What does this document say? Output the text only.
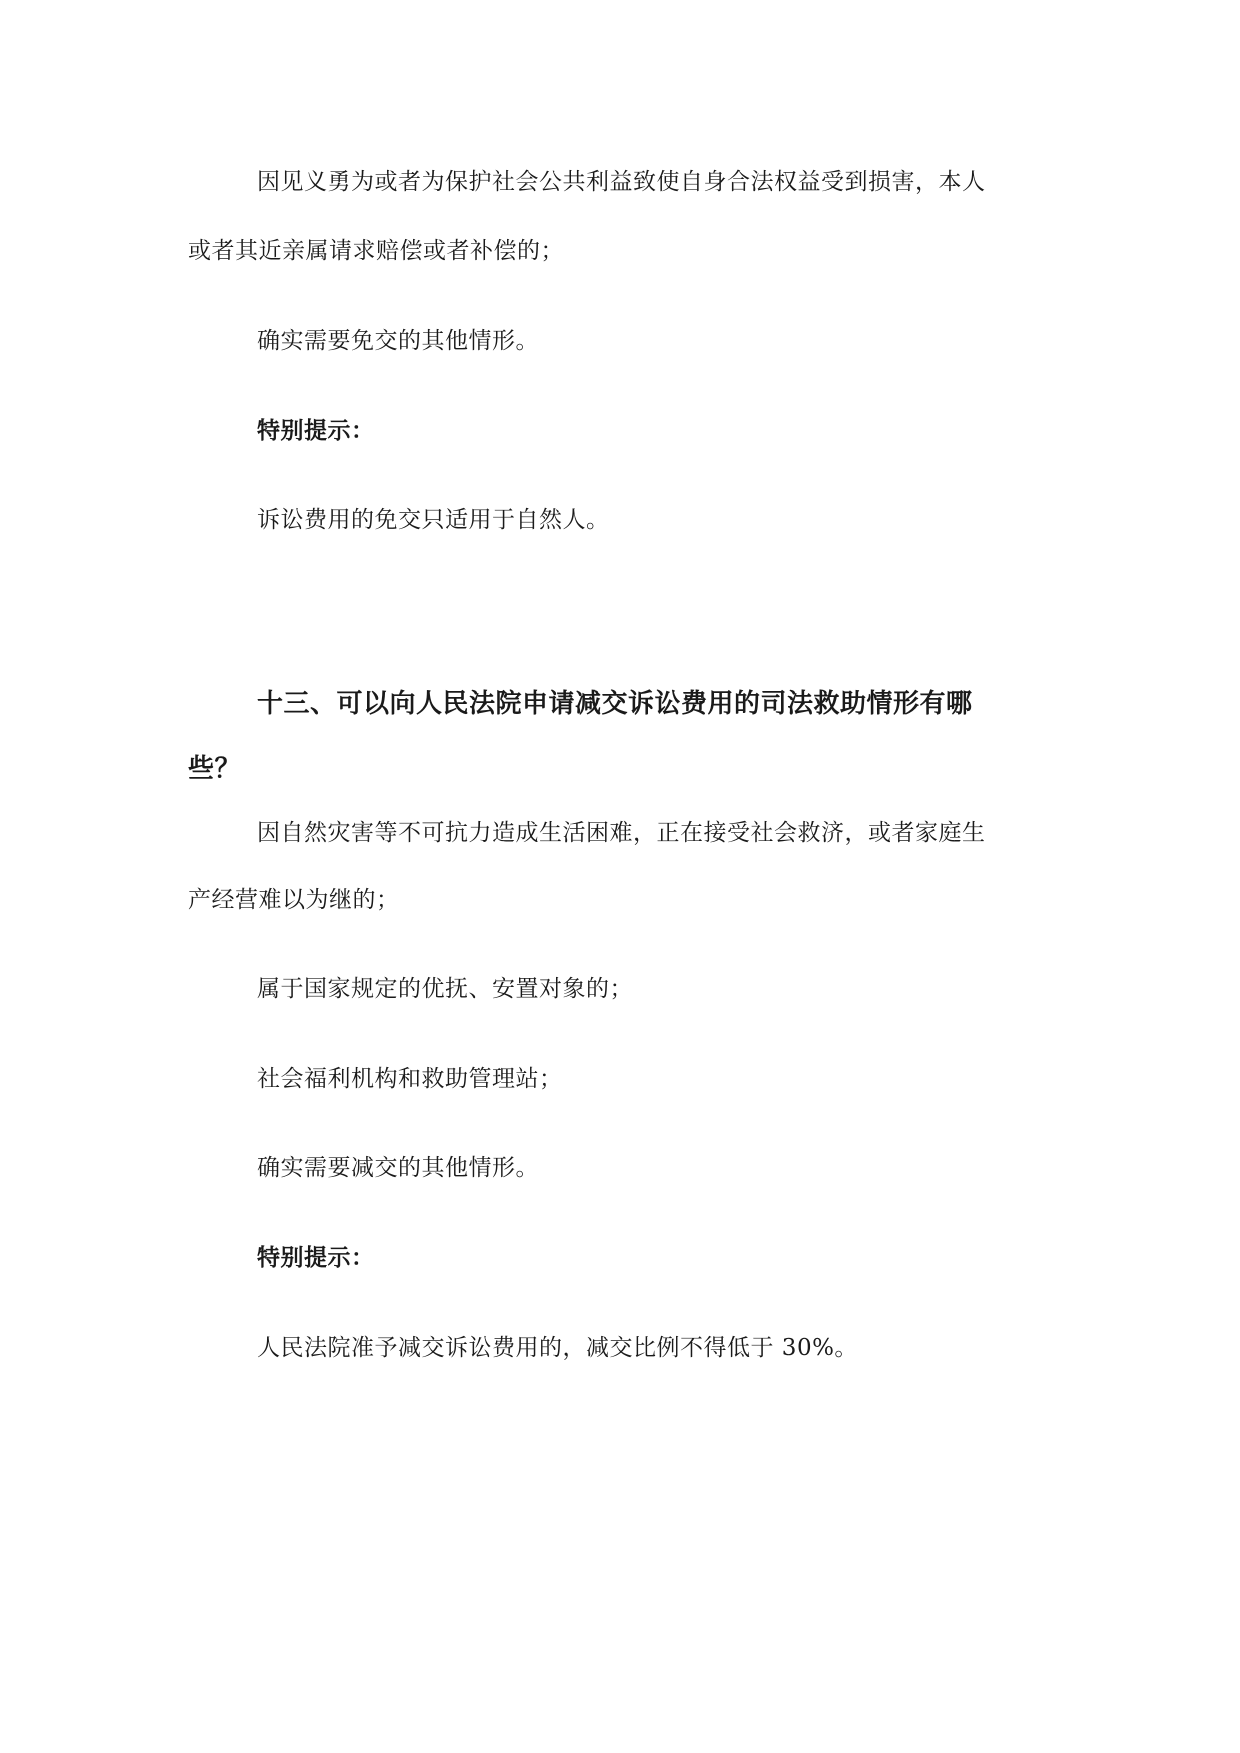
因见义勇为或者为保护社会公共利益致使自身合法权益受到损害，本人
或者其近亲属请求赔偿或者补偿的；
确实需要免交的其他情形。
特别提示：
诉讼费用的免交只适用于自然人。
十三、可以向人民法院申请减交诉讼费用的司法救助情形有哪
些？
因自然灾害等不可抗力造成生活困难，正在接受社会救济，或者家庭生
产经营难以为继的；
属于国家规定的优抚、安置对象的；
社会福利机构和救助管理站；
确实需要减交的其他情形。
特别提示：
人民法院准予减交诉讼费用的，减交比例不得低于 30%。
